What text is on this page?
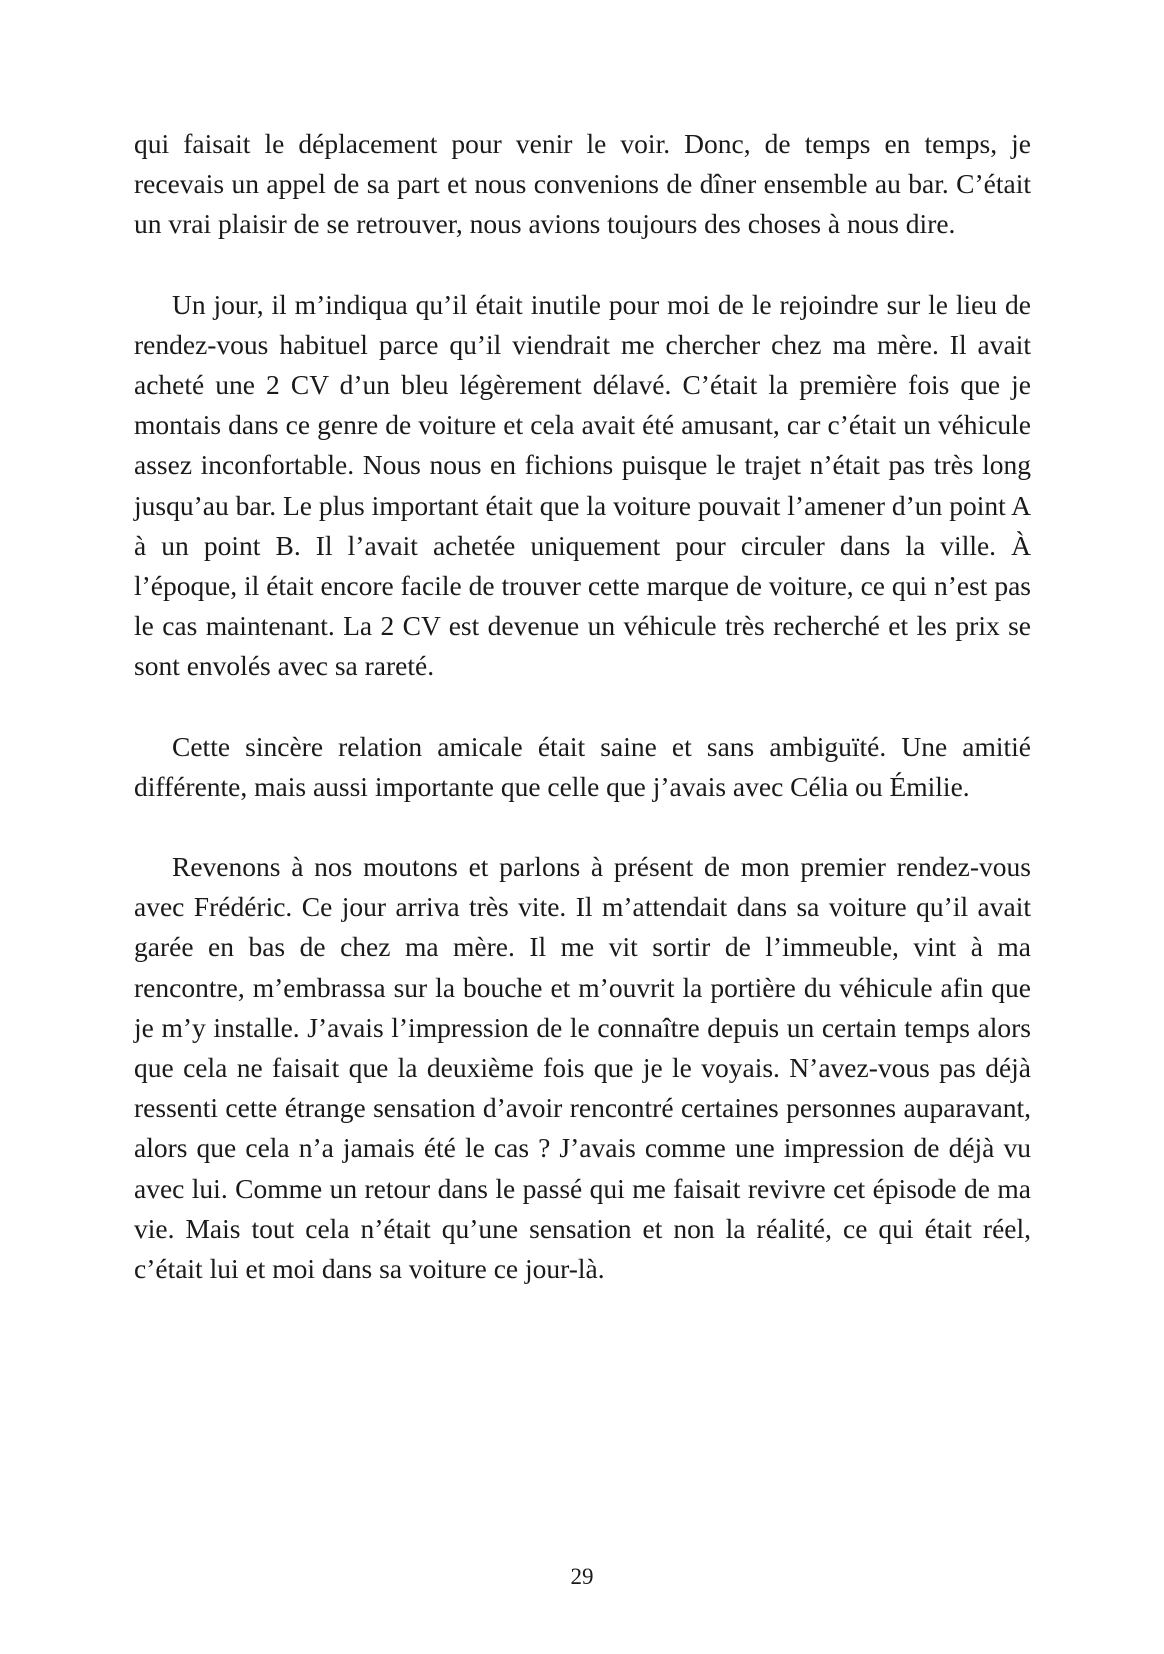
qui faisait le déplacement pour venir le voir. Donc, de temps en temps, je recevais un appel de sa part et nous convenions de dîner ensemble au bar. C’était un vrai plaisir de se retrouver, nous avions toujours des choses à nous dire.

Un jour, il m’indiqua qu’il était inutile pour moi de le rejoindre sur le lieu de rendez-vous habituel parce qu’il viendrait me chercher chez ma mère. Il avait acheté une 2 CV d’un bleu légèrement délavé. C’était la première fois que je montais dans ce genre de voiture et cela avait été amusant, car c’était un véhicule assez inconfortable. Nous nous en fichions puisque le trajet n’était pas très long jusqu’au bar. Le plus important était que la voiture pouvait l’amener d’un point A à un point B. Il l’avait achetée uniquement pour circuler dans la ville. À l’époque, il était encore facile de trouver cette marque de voiture, ce qui n’est pas le cas maintenant. La 2 CV est devenue un véhicule très recherché et les prix se sont envolés avec sa rareté.

Cette sincère relation amicale était saine et sans ambiguïté. Une amitié différente, mais aussi importante que celle que j’avais avec Célia ou Émilie.

Revenons à nos moutons et parlons à présent de mon premier rendez-vous avec Frédéric. Ce jour arriva très vite. Il m’attendait dans sa voiture qu’il avait garée en bas de chez ma mère. Il me vit sortir de l’immeuble, vint à ma rencontre, m’embrassa sur la bouche et m’ouvrit la portière du véhicule afin que je m’y installe. J’avais l’impression de le connaître depuis un certain temps alors que cela ne faisait que la deuxième fois que je le voyais. N’avez-vous pas déjà ressenti cette étrange sensation d’avoir rencontré certaines personnes auparavant, alors que cela n’a jamais été le cas ? J’avais comme une impression de déjà vu avec lui. Comme un retour dans le passé qui me faisait revivre cet épisode de ma vie. Mais tout cela n’était qu’une sensation et non la réalité, ce qui était réel, c’était lui et moi dans sa voiture ce jour-là.

29
